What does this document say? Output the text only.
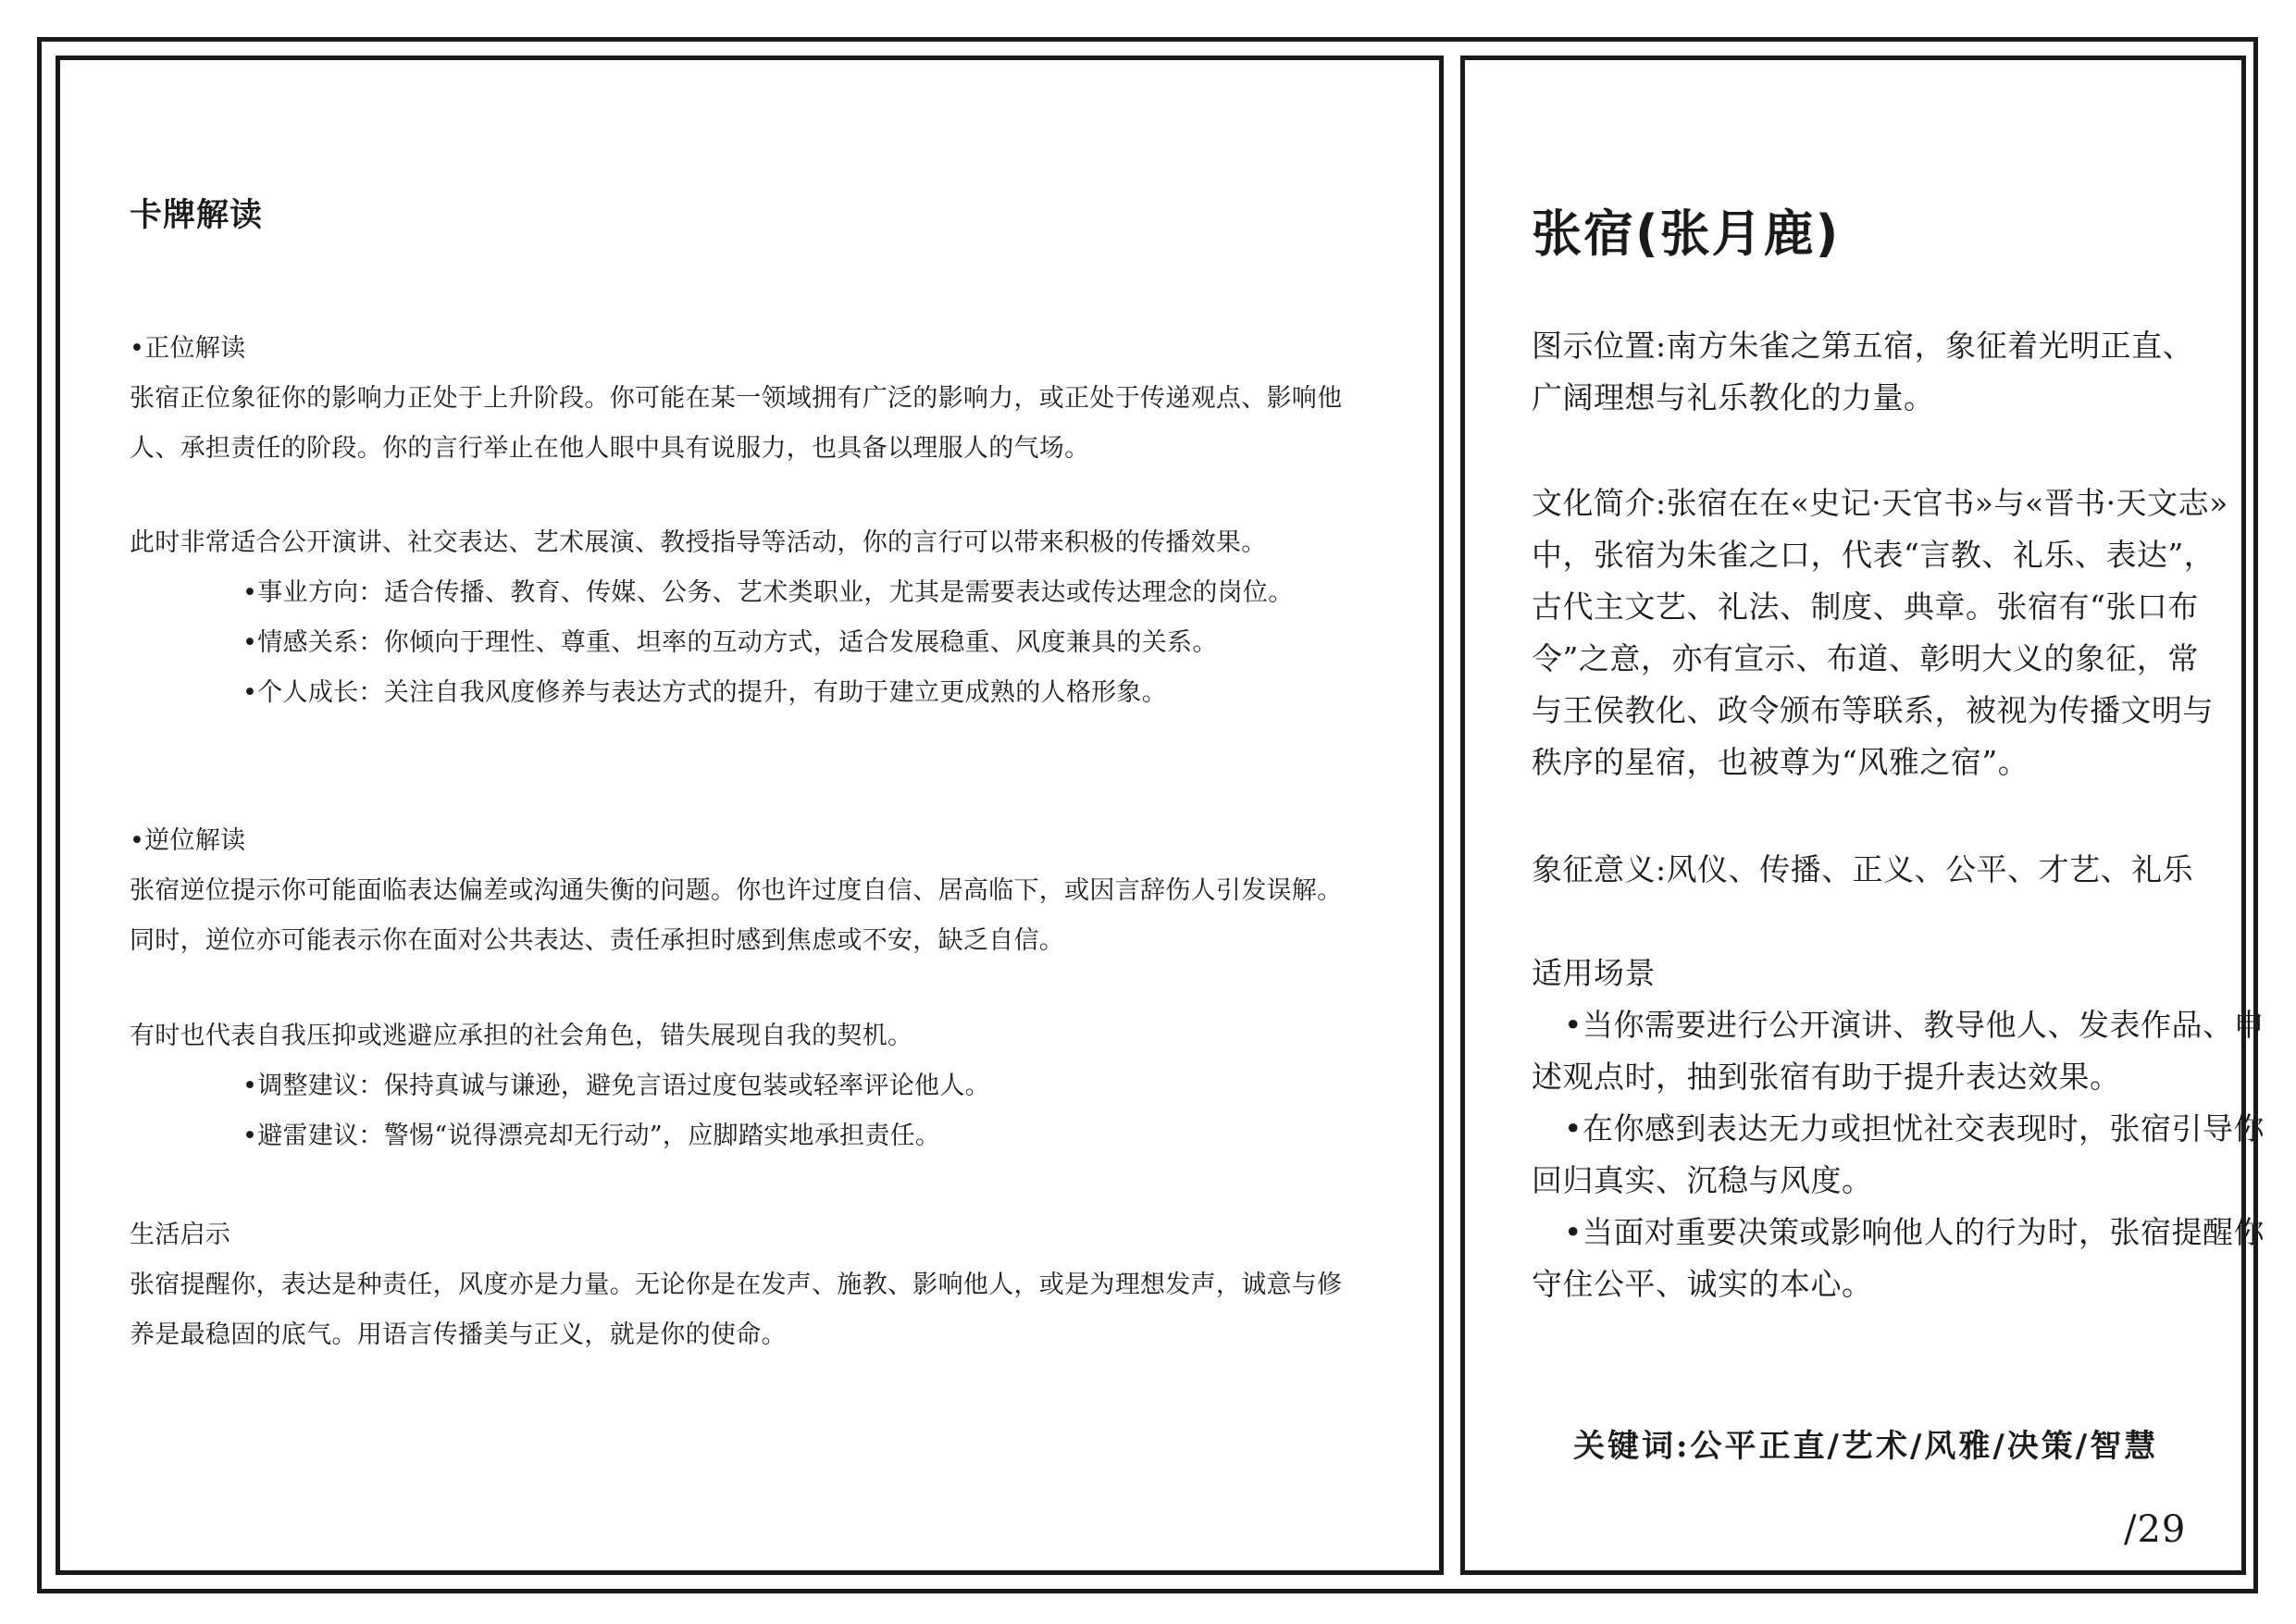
卡牌解读

•正位解读

张宿正位象征你的影响力正处于上升阶段。你可能在某一领域拥有广泛的影响力，或正处于传递观点、影响他

人、承担责任的阶段。你的言行举止在他人眼中具有说服力，也具备以理服人的气场。

此时非常适合公开演讲、社交表达、艺术展演、教授指导等活动，你的言行可以带来积极的传播效果。

•事业方向：适合传播、教育、传媒、公务、艺术类职业，尤其是需要表达或传达理念的岗位。

•情感关系：你倾向于理性、尊重、坦率的互动方式，适合发展稳重、风度兼具的关系。

•个人成长：关注自我风度修养与表达方式的提升，有助于建立更成熟的人格形象。

•逆位解读

张宿逆位提示你可能面临表达偏差或沟通失衡的问题。你也许过度自信、居高临下，或因言辞伤人引发误解。

同时，逆位亦可能表示你在面对公共表达、责任承担时感到焦虑或不安，缺乏自信。

有时也代表自我压抑或逃避应承担的社会角色，错失展现自我的契机。

•调整建议：保持真诚与谦逊，避免言语过度包装或轻率评论他人。

•避雷建议：警惕“说得漂亮却无行动”，应脚踏实地承担责任。

生活启示

张宿提醒你，表达是种责任，风度亦是力量。无论你是在发声、施教、影响他人，或是为理想发声，诚意与修

养是最稳固的底气。用语言传播美与正义，就是你的使命。

张宿(张月鹿)

图示位置:南方朱雀之第五宿，象征着光明正直、

广阔理想与礼乐教化的力量。

文化简介:张宿在在«史记·天官书»与«晋书·天文志»

中，张宿为朱雀之口，代表“言教、礼乐、表达”，

古代主文艺、礼法、制度、典章。张宿有“张口布

令”之意，亦有宣示、布道、彰明大义的象征，常

与王侯教化、政令颁布等联系，被视为传播文明与

秩序的星宿，也被尊为“风雅之宿”。

象征意义:风仪、传播、正义、公平、才艺、礼乐

适用场景

•当你需要进行公开演讲、教导他人、发表作品、申

述观点时，抽到张宿有助于提升表达效果。

•在你感到表达无力或担忧社交表现时，张宿引导你

回归真实、沉稳与风度。

•当面对重要决策或影响他人的行为时，张宿提醒你

守住公平、诚实的本心。

关键词:公平正直/艺术/风雅/决策/智慧

/29
